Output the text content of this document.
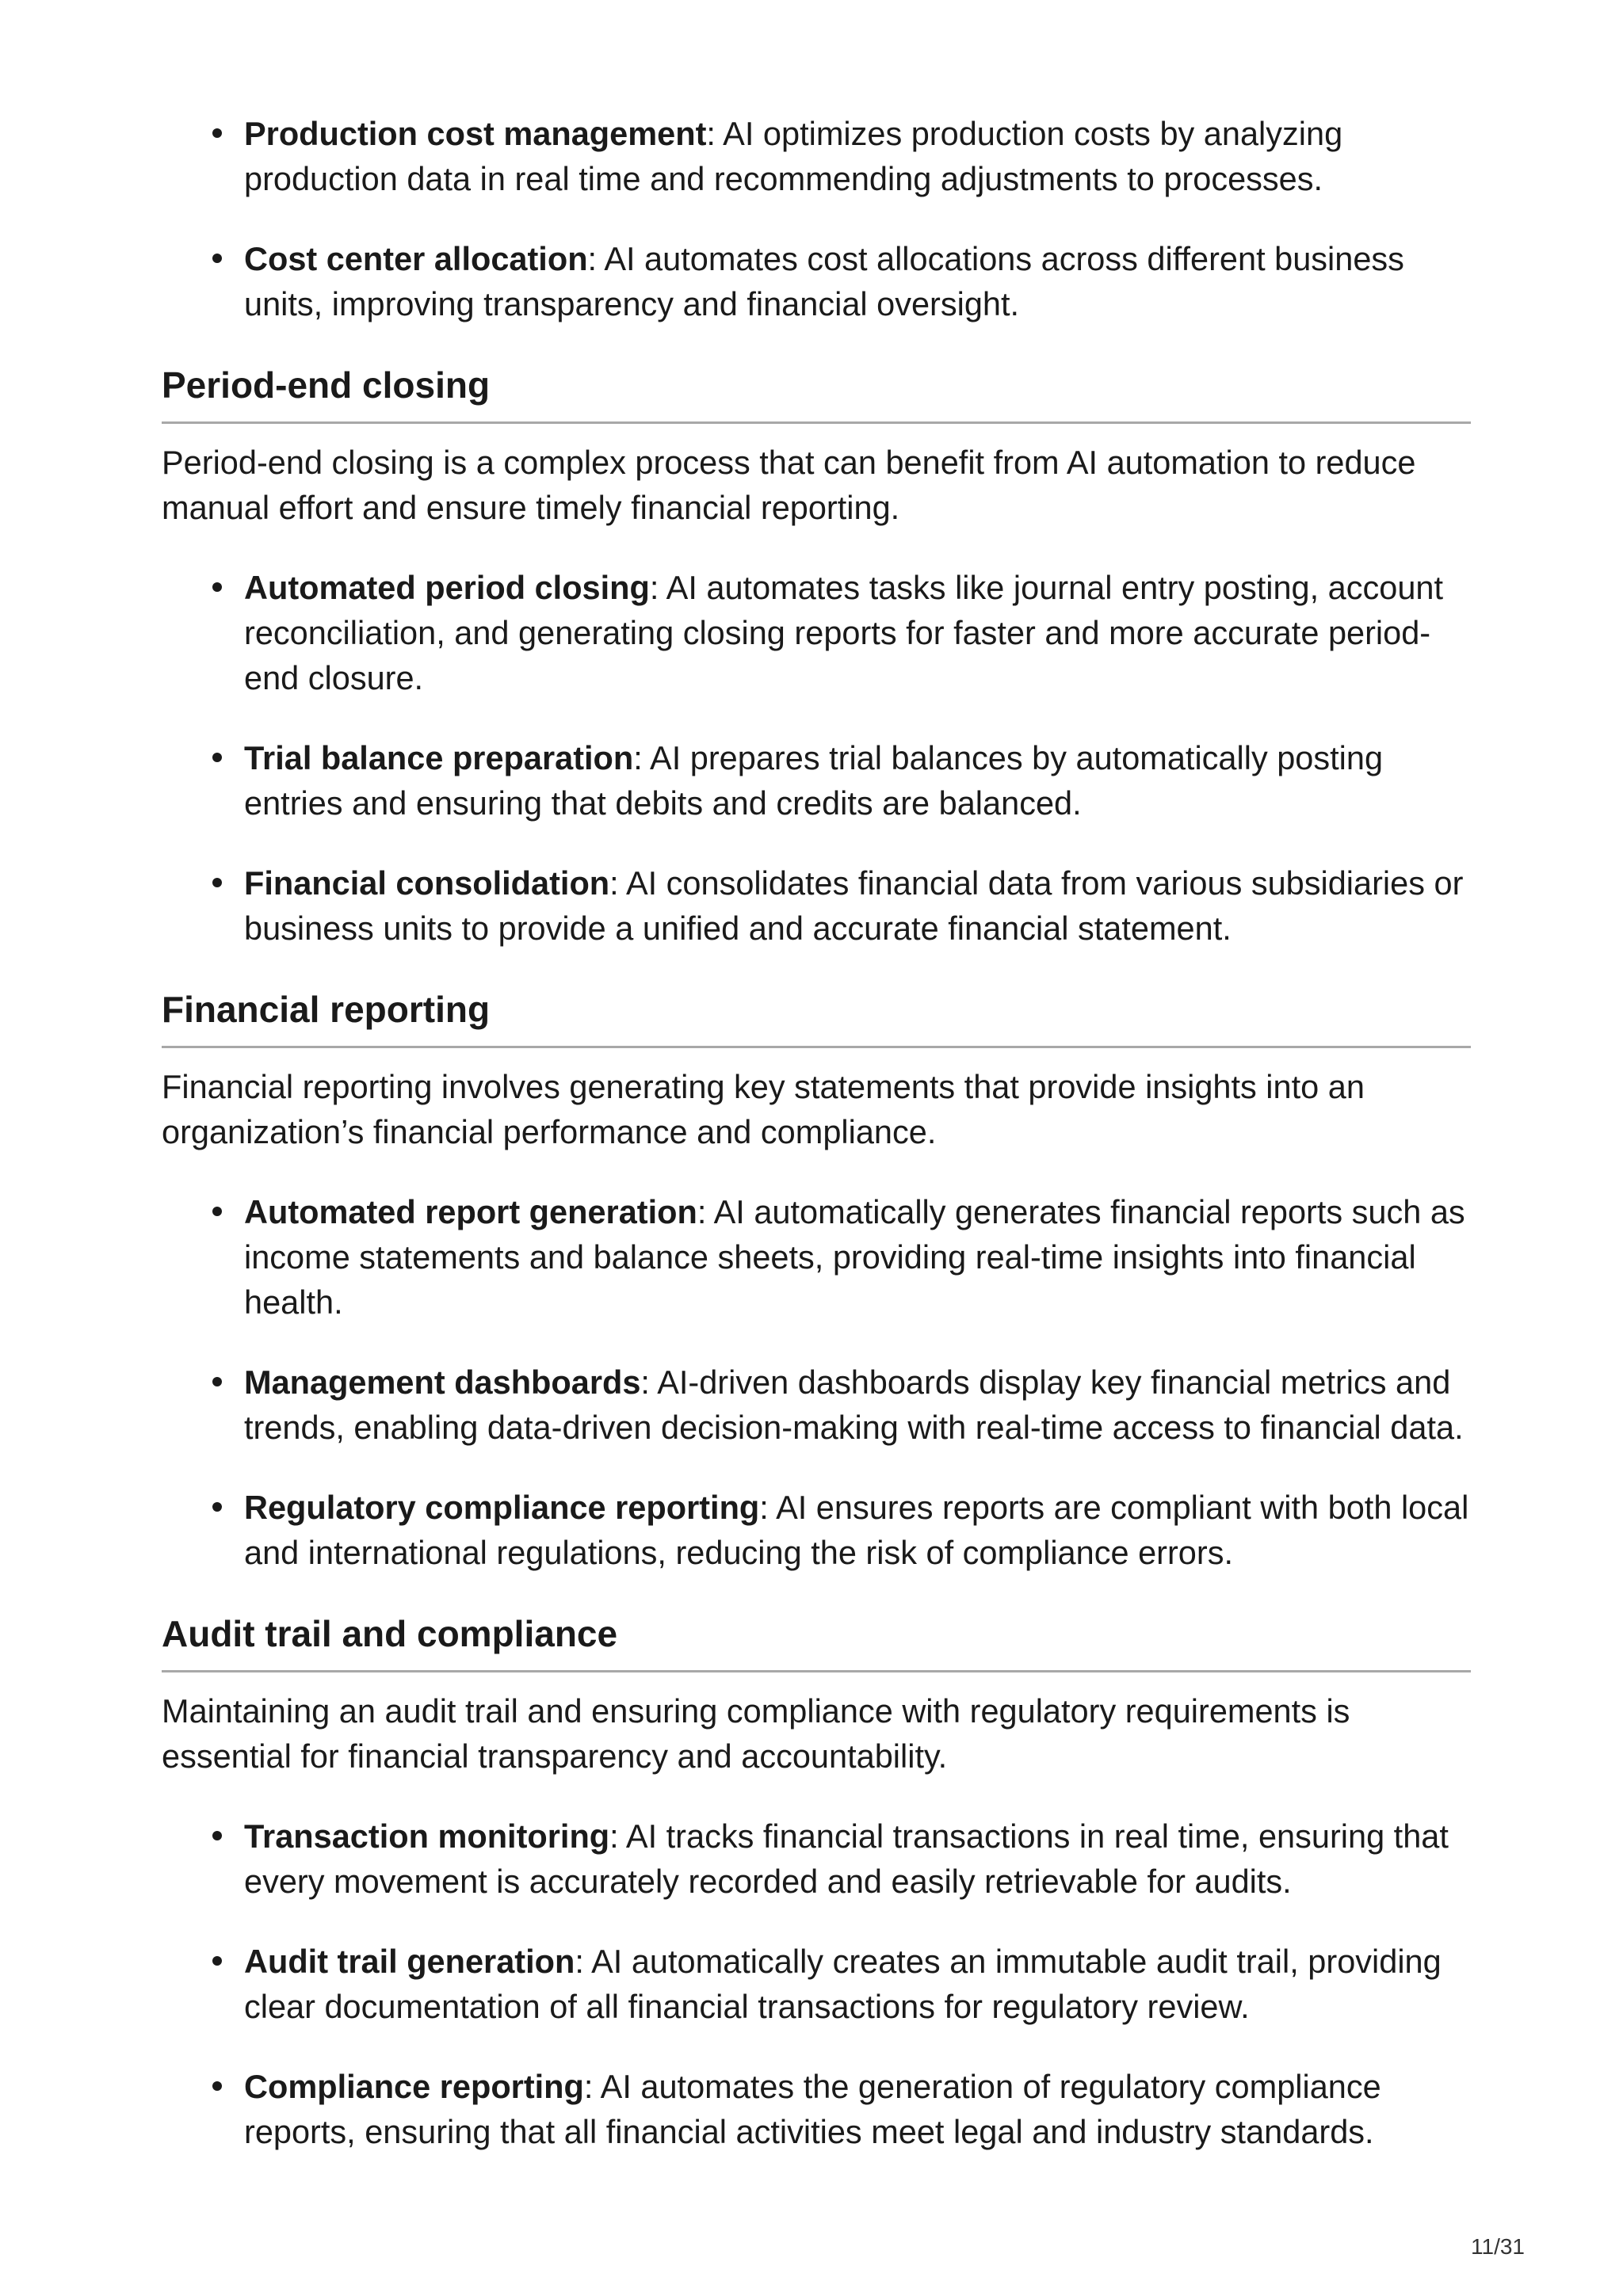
Production cost management: AI optimizes production costs by analyzing production data in real time and recommending adjustments to processes.
Cost center allocation: AI automates cost allocations across different business units, improving transparency and financial oversight.
Period-end closing

Period-end closing is a complex process that can benefit from AI automation to reduce manual effort and ensure timely financial reporting.

Automated period closing: AI automates tasks like journal entry posting, account reconciliation, and generating closing reports for faster and more accurate period-end closure.
Trial balance preparation: AI prepares trial balances by automatically posting entries and ensuring that debits and credits are balanced.
Financial consolidation: AI consolidates financial data from various subsidiaries or business units to provide a unified and accurate financial statement.
Financial reporting

Financial reporting involves generating key statements that provide insights into an organization’s financial performance and compliance.

Automated report generation: AI automatically generates financial reports such as income statements and balance sheets, providing real-time insights into financial health.
Management dashboards: AI-driven dashboards display key financial metrics and trends, enabling data-driven decision-making with real-time access to financial data.
Regulatory compliance reporting: AI ensures reports are compliant with both local and international regulations, reducing the risk of compliance errors.
Audit trail and compliance

Maintaining an audit trail and ensuring compliance with regulatory requirements is essential for financial transparency and accountability.

Transaction monitoring: AI tracks financial transactions in real time, ensuring that every movement is accurately recorded and easily retrievable for audits.
Audit trail generation: AI automatically creates an immutable audit trail, providing clear documentation of all financial transactions for regulatory review.
Compliance reporting: AI automates the generation of regulatory compliance reports, ensuring that all financial activities meet legal and industry standards.
11/31
